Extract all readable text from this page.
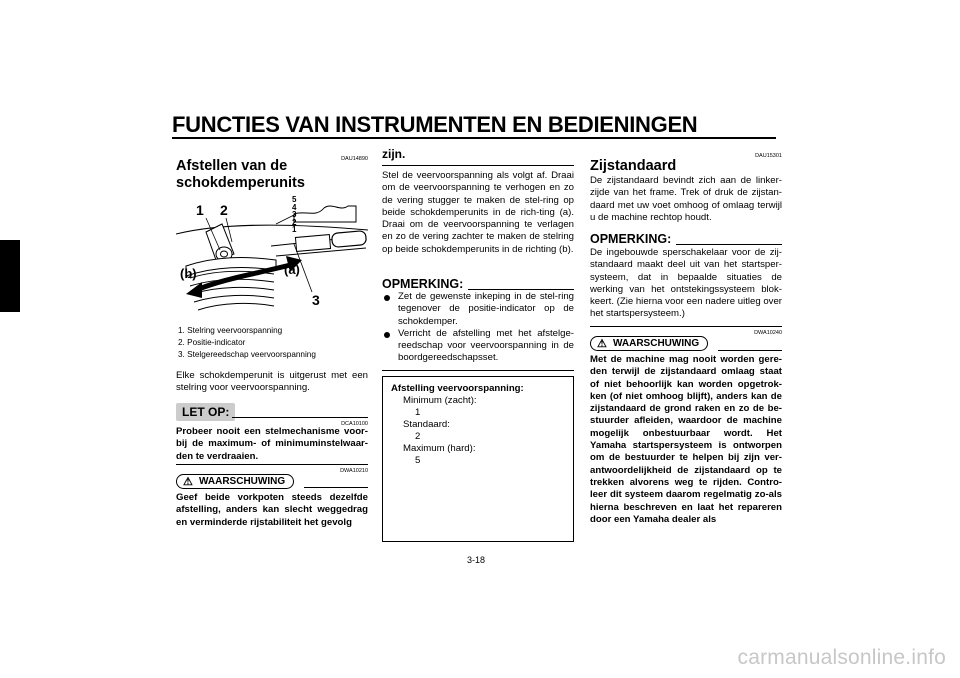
FUNCTIES VAN INSTRUMENTEN EN BEDIENINGEN
3
DAU14890
Afstellen van de
schokdemperunits
1 2
(b)	(a)
3
5
4
3
2
1
1. Stelring veervoorspanning
2. Positie-indicator
3. Stelgereedschap veervoorspanning
Elke schokdemperunit is uitgerust met een stelring voor veervoorspanning.
LET OP:
DCA10100
Probeer nooit een stelmechanisme voor-bij de maximum- of minimuminstelwaar-den te verdraaien.
DWA10210
⚠ WAARSCHUWING
Geef beide vorkpoten steeds dezelfde afstelling, anders kan slecht weggedrag en verminderde rijstabiliteit het gevolg
zijn.
Stel de veervoorspanning als volgt af. Draai om de veervoorspanning te verhogen en zo de vering stugger te maken de stel-ring op beide schokdemperunits in de rich-ting (a). Draai om de veervoorspanning te verlagen en zo de vering zachter te maken de stelring op beide schokdemperunits in de richting (b).
OPMERKING:
Zet de gewenste inkeping in de stel-ring tegenover de positie-indicator op de schokdemper.
Verricht de afstelling met het afstelge-reedschap voor veervoorspanning in de boordgereedschapsset.
Afstelling veervoorspanning:
Minimum (zacht):
1
Standaard:
2
Maximum (hard):
5
DAU15301
Zijstandaard
De zijstandaard bevindt zich aan de linker-zijde van het frame. Trek of druk de zijstan-daard met uw voet omhoog of omlaag terwijl u de machine rechtop houdt.
OPMERKING:
De ingebouwde sperschakelaar voor de zij-standaard maakt deel uit van het startsper-systeem, dat in bepaalde situaties de werking van het ontstekingssysteem blok-keert. (Zie hierna voor een nadere uitleg over het startspersysteem.)
DWA10240
⚠ WAARSCHUWING
Met de machine mag nooit worden gere-den terwijl de zijstandaard omlaag staat of niet behoorlijk kan worden opgetrok-ken (of niet omhoog blijft), anders kan de zijstandaard de grond raken en zo de be-stuurder afleiden, waardoor de machine mogelijk onbestuurbaar wordt. Het Yamaha startspersysteem is ontworpen om de bestuurder te helpen bij zijn ver-antwoordelijkheid de zijstandaard op te trekken alvorens weg te rijden. Contro-leer dit systeem daarom regelmatig zo-als hierna beschreven en laat het repareren door een Yamaha dealer als
3-18
carmanualsonline.info
